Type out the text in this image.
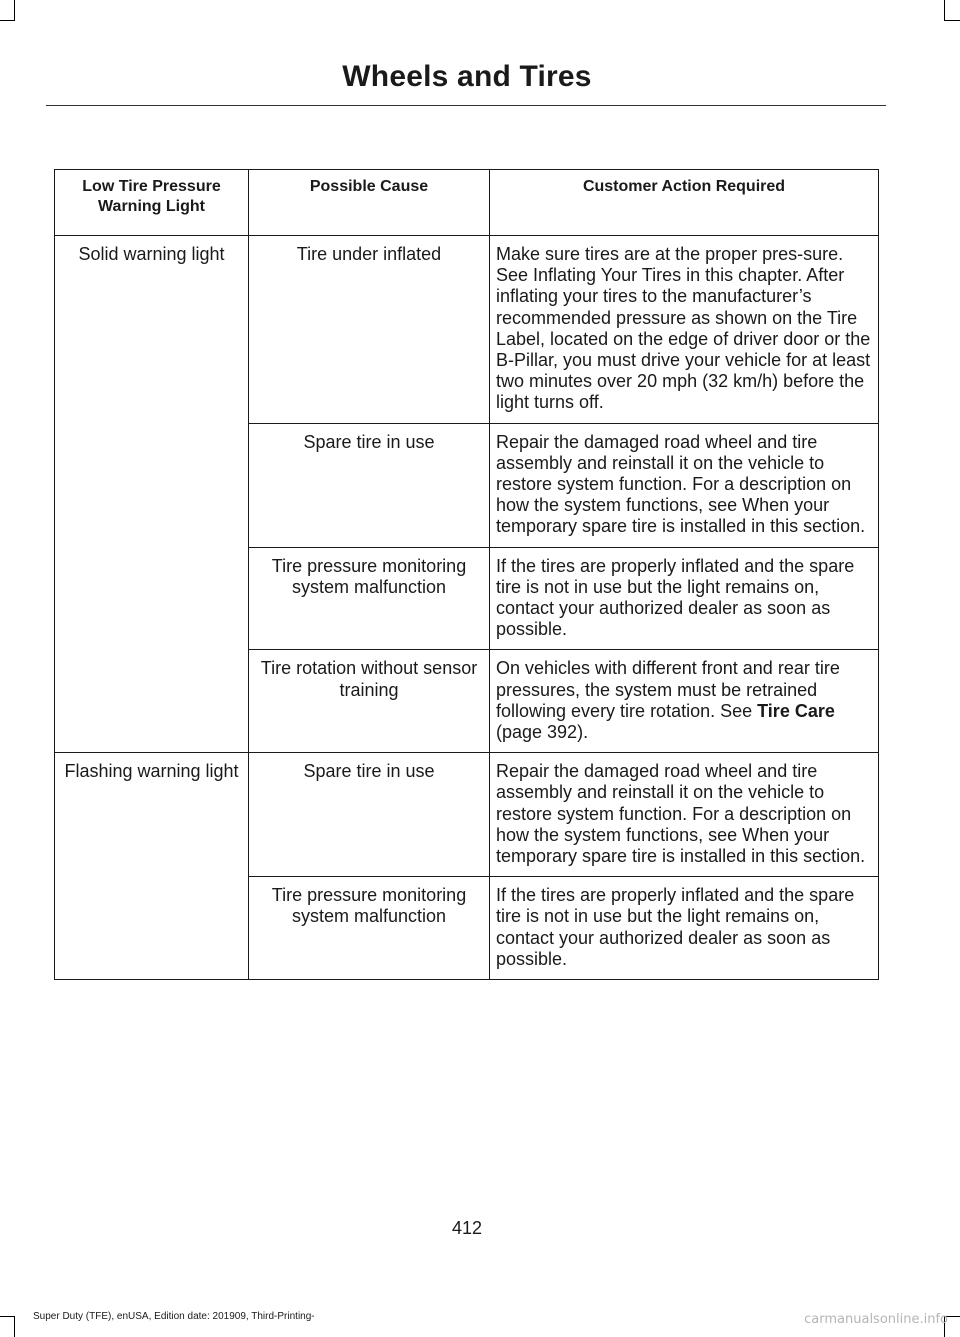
Wheels and Tires
Low Tire Pressure Warning Light	Possible Cause	Customer Action Required
Solid warning light	Tire under inflated	Make sure tires are at the proper pres-sure. See Inflating Your Tires in this chapter. After inflating your tires to the manufacturer’s recommended pressure as shown on the Tire Label, located on the edge of driver door or the B-Pillar, you must drive your vehicle for at least two minutes over 20 mph (32 km/h) before the light turns off.
	Spare tire in use	Repair the damaged road wheel and tire assembly and reinstall it on the vehicle to restore system function. For a description on how the system functions, see When your temporary spare tire is installed in this section.
	Tire pressure monitoring system malfunction	If the tires are properly inflated and the spare tire is not in use but the light remains on, contact your authorized dealer as soon as possible.
	Tire rotation without sensor training	On vehicles with different front and rear tire pressures, the system must be retrained following every tire rotation. See Tire Care (page 392).
Flashing warning light	Spare tire in use	Repair the damaged road wheel and tire assembly and reinstall it on the vehicle to restore system function. For a description on how the system functions, see When your temporary spare tire is installed in this section.
	Tire pressure monitoring system malfunction	If the tires are properly inflated and the spare tire is not in use but the light remains on, contact your authorized dealer as soon as possible.
412
Super Duty (TFE), enUSA, Edition date: 201909, Third-Printing-	carmanualsonline.info
